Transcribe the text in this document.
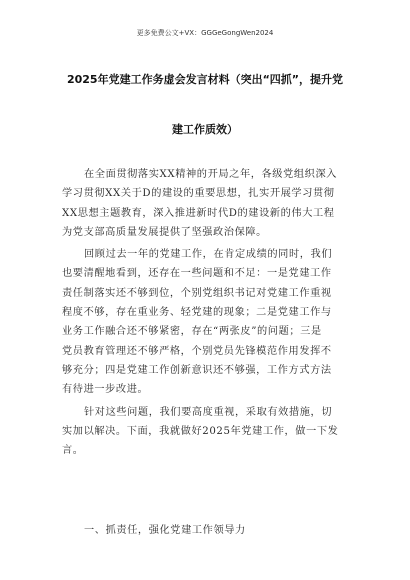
更多免费公文+VX：GGGeGongWen2024
2025年党建工作务虚会发言材料（突出“四抓”，提升党
建工作质效）
在全面贯彻落实XX精神的开局之年，各级党组织深入
学习贯彻XX关于D的建设的重要思想，扎实开展学习贯彻
XX思想主题教育，深入推进新时代D的建设新的伟大工程
为党支部高质量发展提供了坚强政治保障。
回顾过去一年的党建工作，在肯定成绩的同时，我们
也要清醒地看到，还存在一些问题和不足：一是党建工作
责任制落实还不够到位，个别党组织书记对党建工作重视
程度不够，存在重业务、轻党建的现象；二是党建工作与
业务工作融合还不够紧密，存在“两张皮”的问题；三是
党员教育管理还不够严格，个别党员先锋模范作用发挥不
够充分；四是党建工作创新意识还不够强，工作方式方法
有待进一步改进。
针对这些问题，我们要高度重视，采取有效措施，切
实加以解决。下面，我就做好2025年党建工作，做一下发
言。
一、抓责任，强化党建工作领导力
